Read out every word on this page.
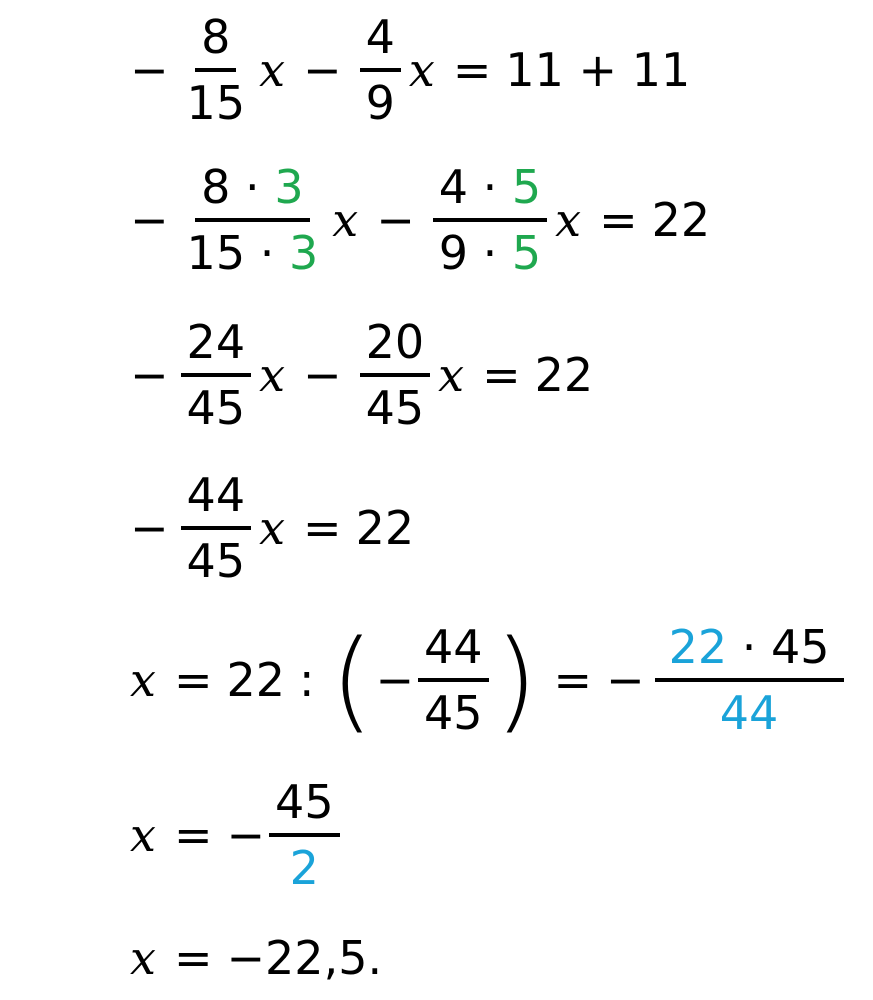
− $\frac{8}{15}$ $x - \frac{4}{9}$ x = 11 + 11
− $\frac{8 \cdot 3}{15 \cdot 3}$ $x - \frac{4 \cdot 5}{9 \cdot 5}$ x = 22
− $\frac{24}{45}$ $x - \frac{20}{45}$ x = 22
− $\frac{44}{45}$ x = 22
x = 22 : ( − $\frac{44}{45}$ ) = − $\frac{22 \cdot 45}{44}$
x = − $\frac{45}{2}$
x = −22,5.
